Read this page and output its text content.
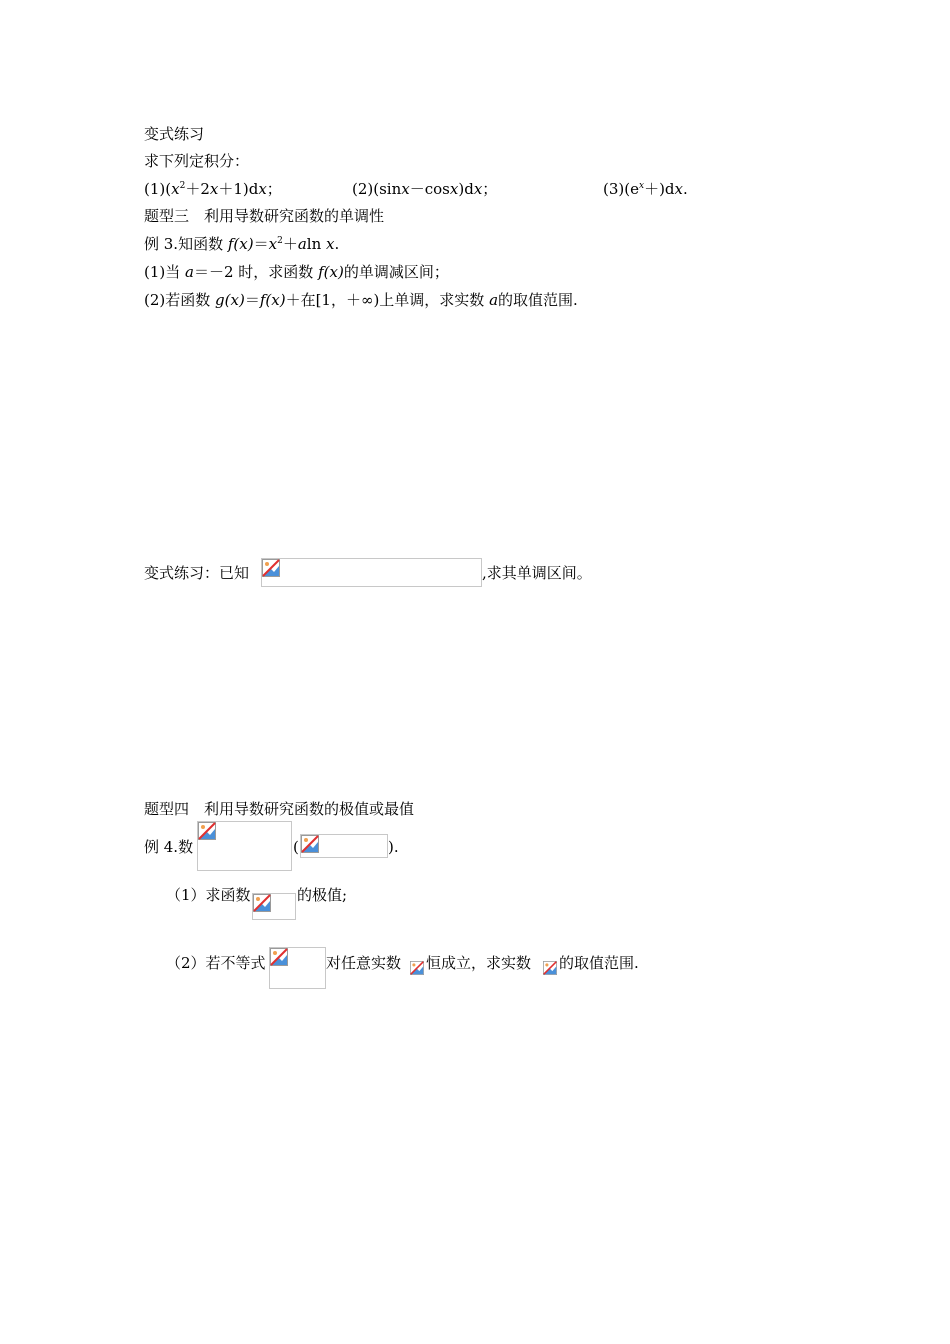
变式练习
求下列定积分：
$(1)(x^2+2x+1)dx$；	(2)(sinx－cosx)dx；	$(3)(e^x+)dx$.
题型三　利用导数研究函数的单调性
例 3.知函数 $f(x)=x^2+aln$ x.
(1)当 a＝－2 时，求函数 f(x)的单调减区间；
(2)若函数 g(x)＝f(x)＋在[1，＋∞)上单调，求实数 a的取值范围.
变式练习：已知	,求其单调区间。
题型四　利用导数研究函数的极值或最值
例 4.数	(	).
（1）求函数	的极值;
（2）若不等式	对任意实数 恒成立，求实数 的取值范围.
